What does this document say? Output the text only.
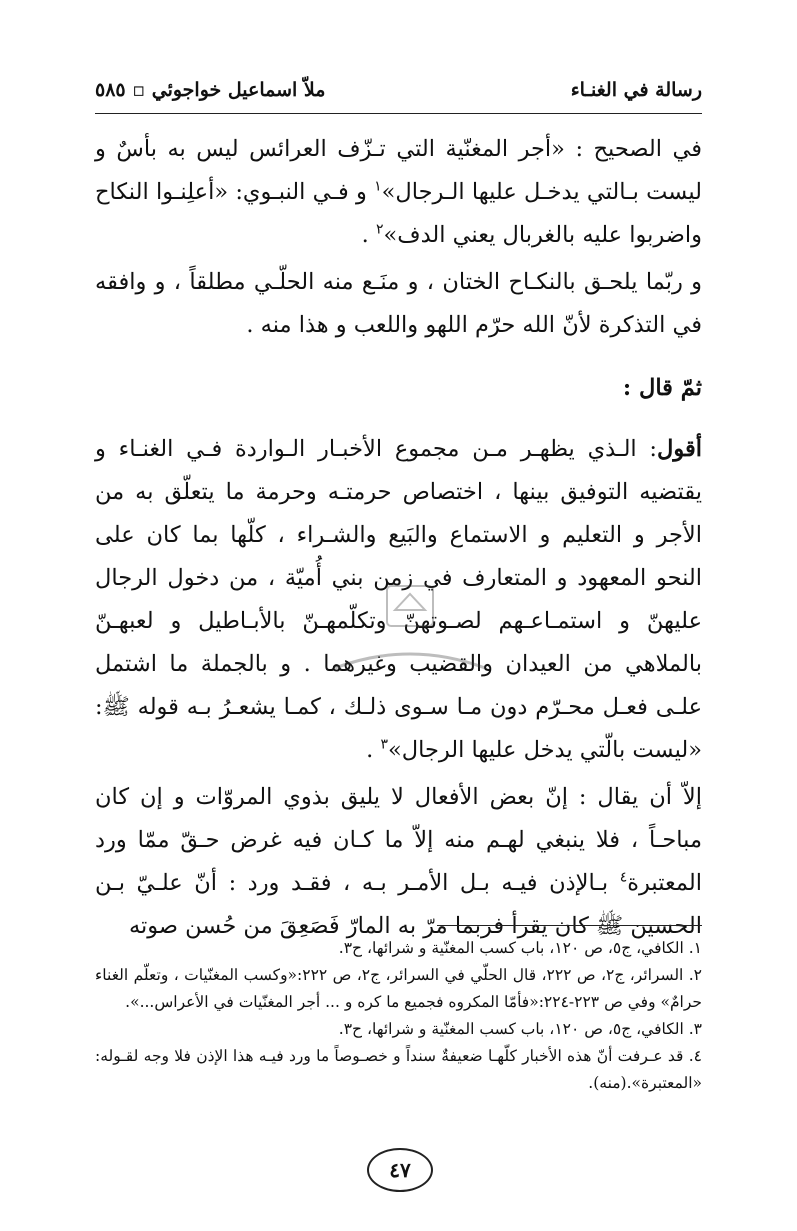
رسالة في الغنـاء
ملاّ اسماعيل خواجوئي ▫ ٥٨٥

في الصحيح : «أجر المغنّية التي تـزّف العرائس ليس به بأسٌ و ليست بـالتي يدخـل عليها الـرجال»$^١$ و فـي النبـوي: «أعلِنـوا النكاح واضربوا عليه بالغربال يعني الدف»$^٢$ .

و ربّما يلحـق بالنكـاح الختان ، و منَـع منه الحلّـي مطلقاً ، و وافقه في التذكرة لأنّ الله حرّم اللهو واللعب و هذا منه .

ثمّ قال :

أقول: الـذي يظهـر مـن مجموع الأخبـار الـواردة فـي الغنـاء و يقتضيه التوفيق بينها ، اختصاص حرمتـه وحرمة ما يتعلّق به من الأجر و التعليم و الاستماع والبَيع والشـراء ، كلّها بما كان على النحو المعهود و المتعارف في زمن بني أُميّة ، من دخول الرجال عليهنّ و استمـاعـهم لصـوتهنّ وتكلّمهـنّ بالأبـاطيل و لعبهـنّ بالملاهي من العيدان والقضيب وغيرهما . و بالجملة ما اشتمل علـى فعـل محـرّم دون مـا سـوى ذلـك ، كمـا يشعـرُ بـه قوله ﷺ: «ليست بالّتي يدخل عليها الرجال»$^٣$ .

إلاّ أن يقال : إنّ بعض الأفعال لا يليق بذوي المروّات و إن كان مباحـاً ، فلا ينبغي لهـم منه إلاّ ما كـان فيه غرض حـقّ ممّا ورد المعتبرة$^٤$ بـالإذن فيـه بـل الأمـر بـه ، فقـد ورد : أنّ علـيّ بـن الحسين ﷺ كان يقرأ فربما مرّ به المارّ فَصَعِقَ من حُسن صوته

١. الكافي، ج٥، ص ١٢٠، باب كسب المغنّية و شرائها، ح٣.

٢. السرائر، ج٢، ص ٢٢٢، قال الحلّي في السرائر، ج٢، ص ٢٢٢:«وكسب المغنّيات ، وتعلّم الغناء حرامٌ» وفي ص ٢٢٣-٢٢٤:«فأمّا المكروه فجميع ما كره و ... أجر المغنّيات في الأعراس...».

٣. الكافي، ج٥، ص ١٢٠، باب كسب المغنّية و شرائها، ح٣.

٤. قد عـرفت أنّ هذه الأخبار كلّهـا ضعيفةٌ سنداً و خصـوصاً ما ورد فيـه هذا الإذن فلا وجه لقـوله: «المعتبرة».(منه).

٤٧
